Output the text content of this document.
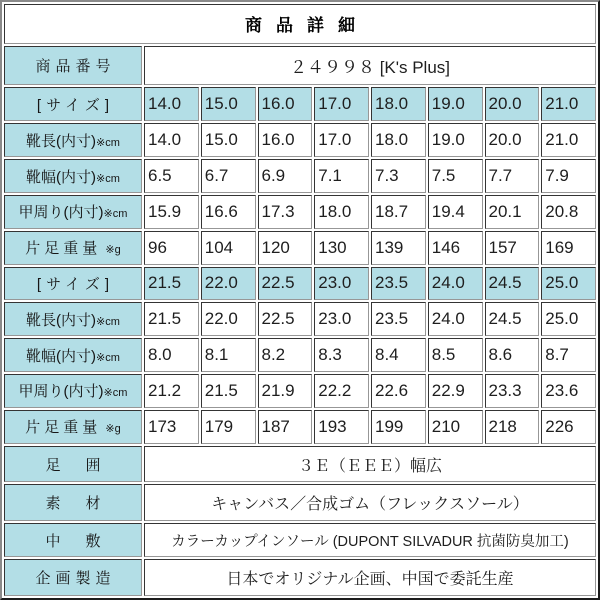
商品詳細								
商品番号	２４９９８ [K's Plus]							
[サイズ]	14.0	15.0	16.0	17.0	18.0	19.0	20.0	21.0
靴長(内寸)※cm	14.0	15.0	16.0	17.0	18.0	19.0	20.0	21.0
靴幅(内寸)※cm	6.5	6.7	6.9	7.1	7.3	7.5	7.7	7.9
甲周り(内寸)※cm	15.9	16.6	17.3	18.0	18.7	19.4	20.1	20.8
片足重量 ※g	96	104	120	130	139	146	157	169
[サイズ]	21.5	22.0	22.5	23.0	23.5	24.0	24.5	25.0
靴長(内寸)※cm	21.5	22.0	22.5	23.0	23.5	24.0	24.5	25.0
靴幅(内寸)※cm	8.0	8.1	8.2	8.3	8.4	8.5	8.6	8.7
甲周り(内寸)※cm	21.2	21.5	21.9	22.2	22.6	22.9	23.3	23.6
片足重量 ※g	173	179	187	193	199	210	218	226
足　囲	３Ｅ（ＥＥＥ）幅広							
素　材	キャンバス／合成ゴム（フレックスソール）							
中　敷	カラーカップインソール (DUPONT SILVADUR 抗菌防臭加工)							
企画製造	日本でオリジナル企画、中国で委託生産							
